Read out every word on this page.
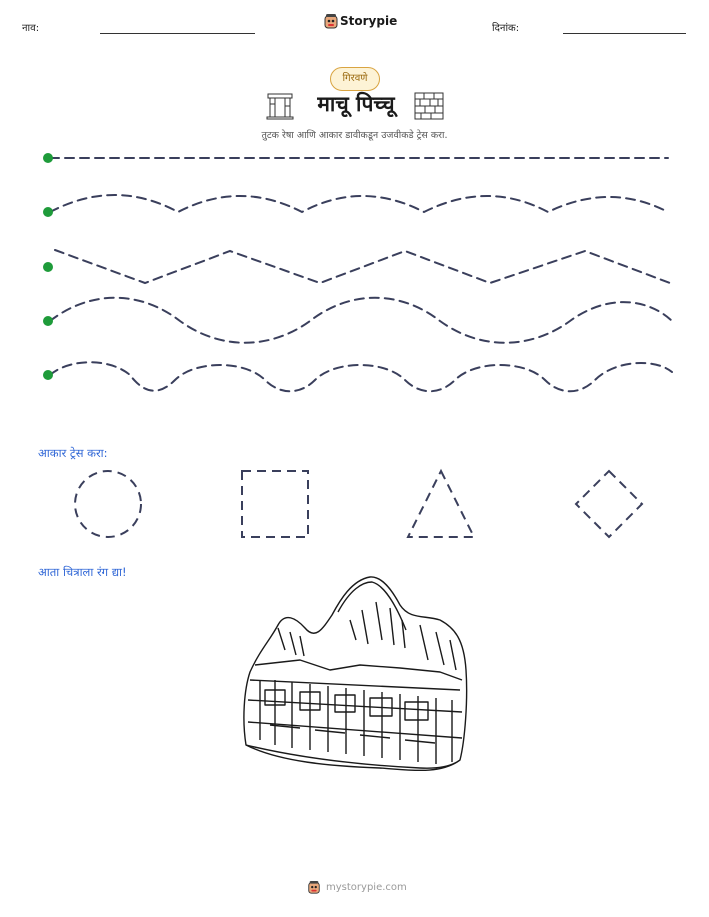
नाव:
Storypie
दिनांक:
गिरवणे
माचू पिच्चू
तुटक रेषा आणि आकार डावीकडून उजवीकडे ट्रेस करा.
आकार ट्रेस करा:
आता चित्राला रंग द्या!
mystorypie.com
